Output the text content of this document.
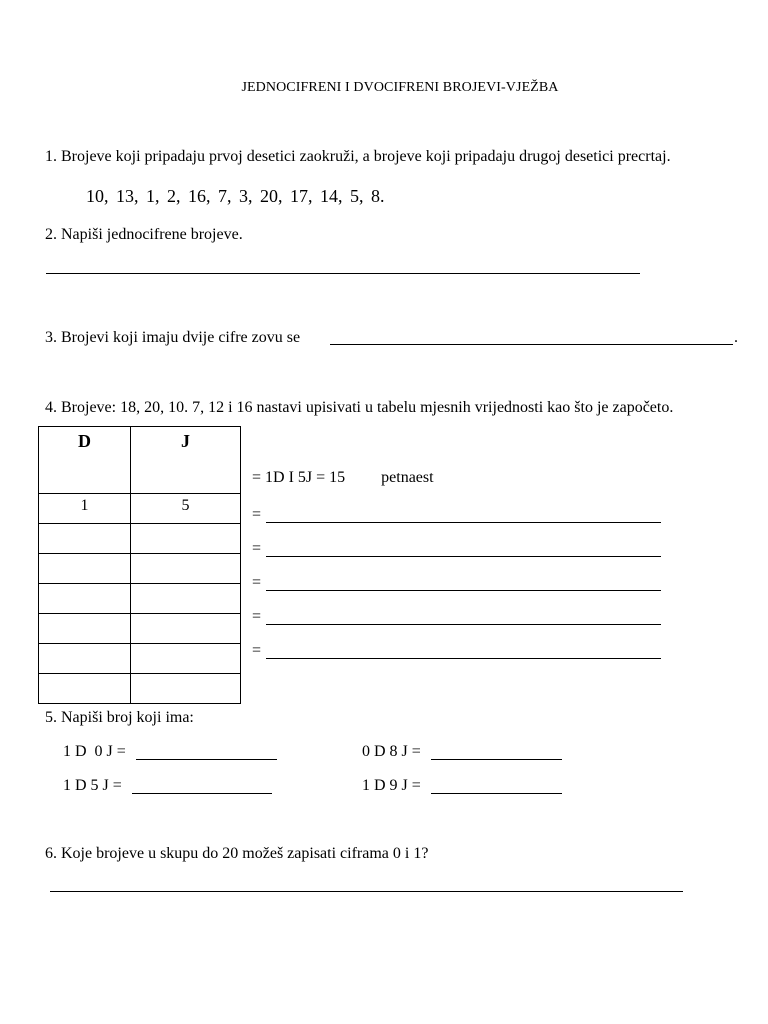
JEDNOCIFRENI I DVOCIFRENI BROJEVI-VJEŽBA
1. Brojeve koji pripadaju prvoj desetici zaokruži, a brojeve koji pripadaju drugoj desetici precrtaj.
10, 13, 1, 2, 16, 7, 3, 20, 17, 14, 5, 8.
2. Napiši jednocifrene brojeve.
3. Brojevi koji imaju dvije cifre zovu se	.
4. Brojeve: 18, 20, 10. 7, 12 i 16 nastavi upisivati u tabelu mjesnih vrijednosti kao što je započeto.
D	J
1	5

= 1D I 5J = 15 petnaest
=
=
=
=
=
5. Napiši broj koji ima:
1 D  0 J =	0 D 8 J =
1 D 5 J =	1 D 9 J =
6. Koje brojeve u skupu do 20 možeš zapisati ciframa 0 i 1?
